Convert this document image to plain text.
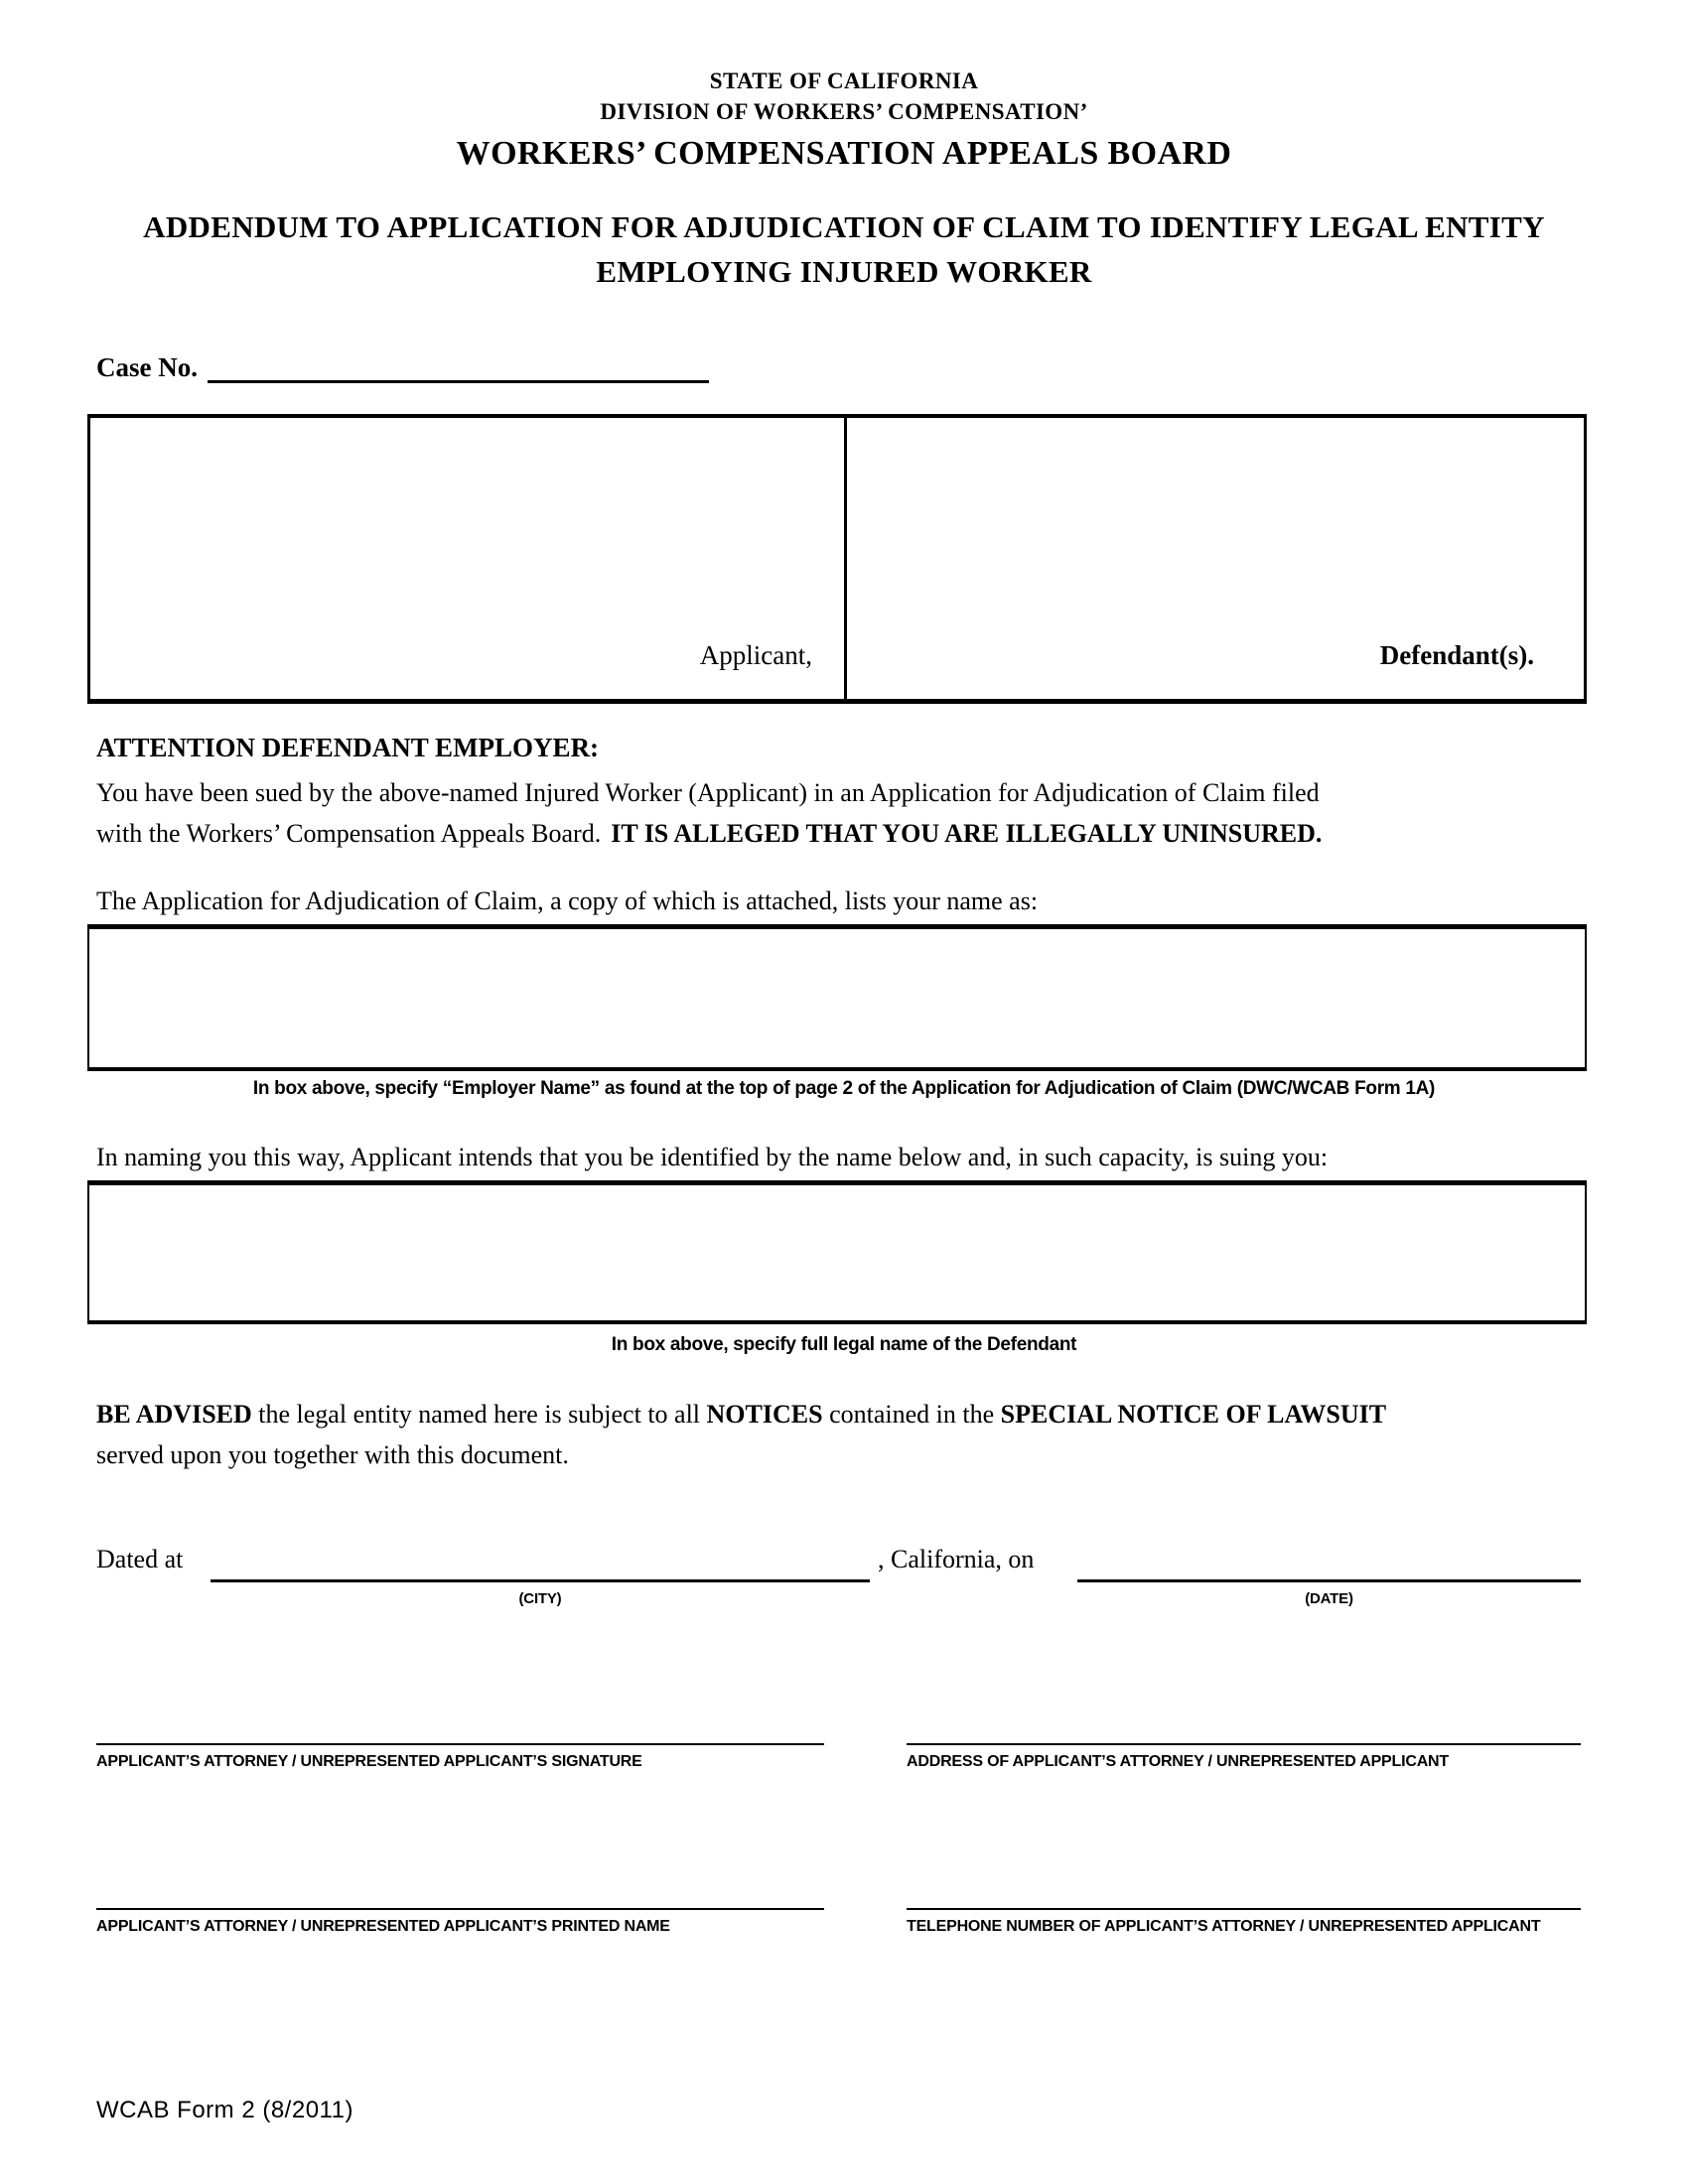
STATE OF CALIFORNIA
DIVISION OF WORKERS’ COMPENSATION’
WORKERS’ COMPENSATION APPEALS BOARD
ADDENDUM TO APPLICATION FOR ADJUDICATION OF CLAIM TO IDENTIFY LEGAL ENTITY
EMPLOYING INJURED WORKER
Case No.
Applicant,	Defendant(s).
ATTENTION DEFENDANT EMPLOYER:
You have been sued by the above-named Injured Worker (Applicant) in an Application for Adjudication of Claim filed
with the Workers’ Compensation Appeals Board. IT IS ALLEGED THAT YOU ARE ILLEGALLY UNINSURED.
The Application for Adjudication of Claim, a copy of which is attached, lists your name as:
In box above, specify “Employer Name” as found at the top of page 2 of the Application for Adjudication of Claim (DWC/WCAB Form 1A)
In naming you this way, Applicant intends that you be identified by the name below and, in such capacity, is suing you:
In box above, specify full legal name of the Defendant
BE ADVISED the legal entity named here is subject to all NOTICES contained in the SPECIAL NOTICE OF LAWSUIT
served upon you together with this document.
Dated at	, California, on
(CITY)	(DATE)
APPLICANT’S ATTORNEY / UNREPRESENTED APPLICANT’S SIGNATURE	ADDRESS OF APPLICANT’S ATTORNEY / UNREPRESENTED APPLICANT
APPLICANT’S ATTORNEY / UNREPRESENTED APPLICANT’S PRINTED NAME	TELEPHONE NUMBER OF APPLICANT’S ATTORNEY / UNREPRESENTED APPLICANT
WCAB Form 2 (8/2011)
